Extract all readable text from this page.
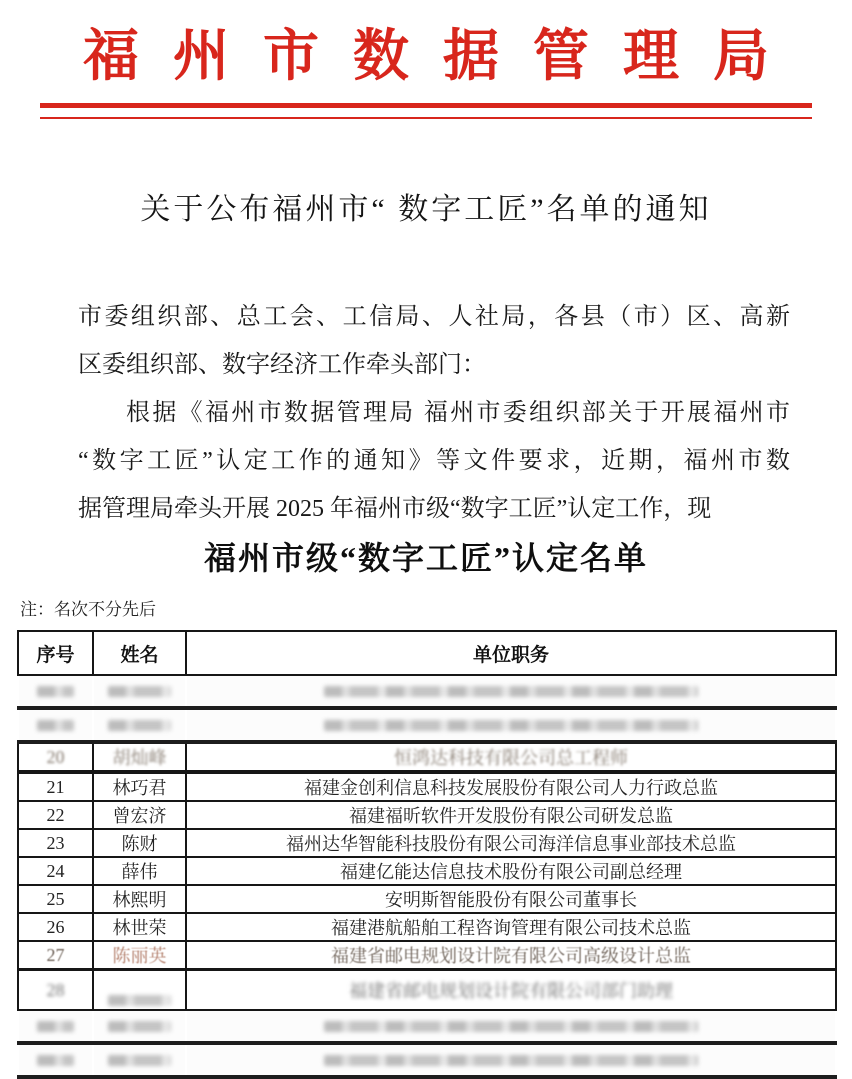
福州市数据管理局
关于公布福州市“ 数字工匠”名单的通知
市委组织部、总工会、工信局、人社局，各县（市）区、高新
区委组织部、数字经济工作牵头部门：
根据《福州市数据管理局 福州市委组织部关于开展福州市
“数字工匠”认定工作的通知》等文件要求，近期，福州市数
据管理局牵头开展 2025 年福州市级“数字工匠”认定工作，现
福州市级“数字工匠”认定名单
注：名次不分先后
序号	姓名	单位职务

20	胡灿峰	恒鸿达科技有限公司总工程师
21	林巧君	福建金创利信息科技发展股份有限公司人力行政总监
22	曾宏济	福建福昕软件开发股份有限公司研发总监
23	陈财	福州达华智能科技股份有限公司海洋信息事业部技术总监
24	薛伟	福建亿能达信息技术股份有限公司副总经理
25	林熙明	安明斯智能股份有限公司董事长
26	林世荣	福建港航船舶工程咨询管理有限公司技术总监
27	陈丽英	福建省邮电规划设计院有限公司高级设计总监
28		福建省邮电规划设计院有限公司部门助理
